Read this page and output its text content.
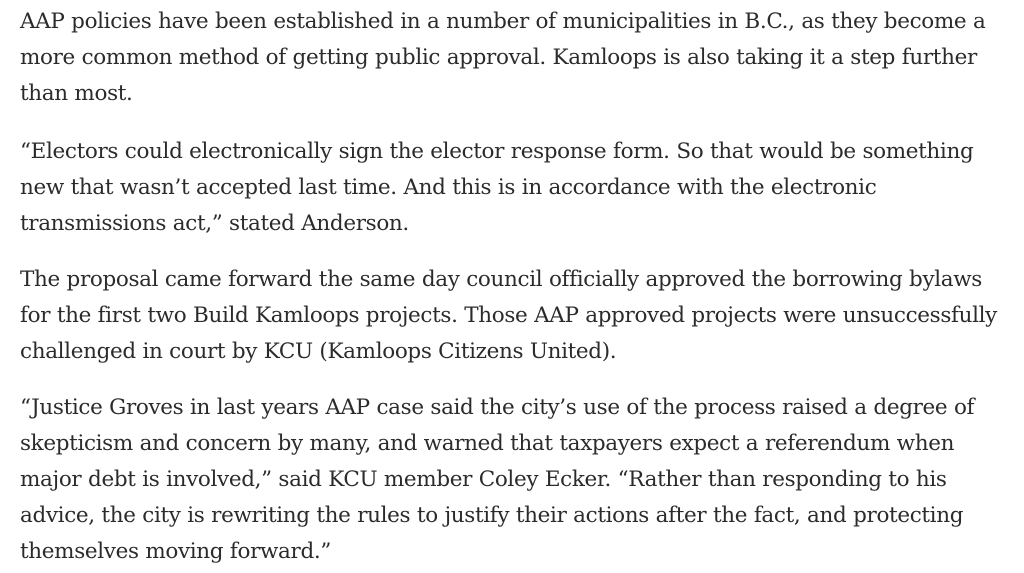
AAP policies have been established in a number of municipalities in B.C., as they become a more common method of getting public approval. Kamloops is also taking it a step further than most.

“Electors could electronically sign the elector response form. So that would be something new that wasn’t accepted last time. And this is in accordance with the electronic transmissions act,” stated Anderson.

The proposal came forward the same day council officially approved the borrowing bylaws for the first two Build Kamloops projects. Those AAP approved projects were unsuccessfully challenged in court by KCU (Kamloops Citizens United).

“Justice Groves in last years AAP case said the city’s use of the process raised a degree of skepticism and concern by many, and warned that taxpayers expect a referendum when major debt is involved,” said KCU member Coley Ecker. “Rather than responding to his advice, the city is rewriting the rules to justify their actions after the fact, and protecting themselves moving forward.”
